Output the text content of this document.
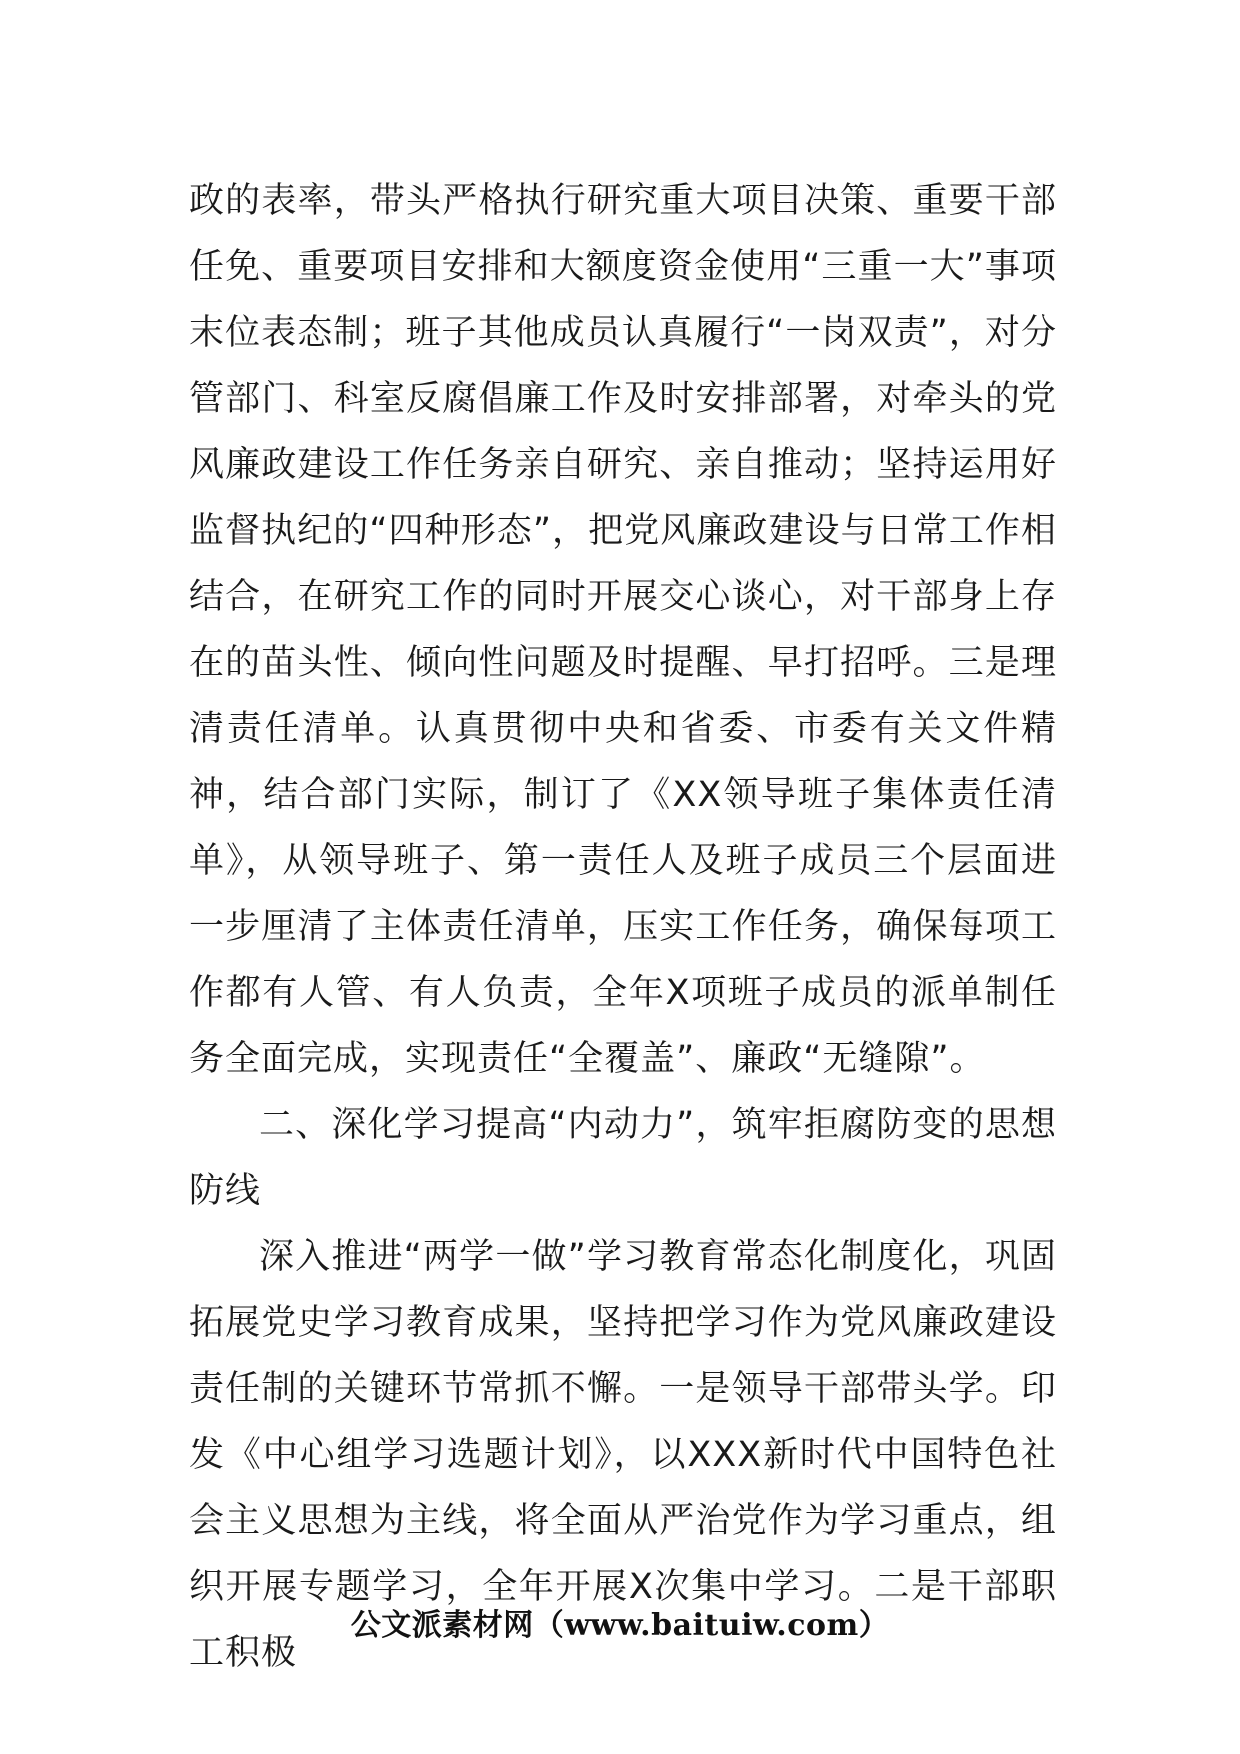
政的表率，带头严格执行研究重大项目决策、重要干部任免、重要项目安排和大额度资金使用“三重一大”事项末位表态制；班子其他成员认真履行“一岗双责”，对分管部门、科室反腐倡廉工作及时安排部署，对牵头的党风廉政建设工作任务亲自研究、亲自推动；坚持运用好监督执纪的“四种形态”，把党风廉政建设与日常工作相结合，在研究工作的同时开展交心谈心，对干部身上存在的苗头性、倾向性问题及时提醒、早打招呼。三是理清责任清单。认真贯彻中央和省委、市委有关文件精神，结合部门实际，制订了《XX领导班子集体责任清单》，从领导班子、第一责任人及班子成员三个层面进一步厘清了主体责任清单，压实工作任务，确保每项工作都有人管、有人负责，全年X项班子成员的派单制任务全面完成，实现责任“全覆盖”、廉政“无缝隙”。

二、深化学习提高“内动力”，筑牢拒腐防变的思想防线

深入推进“两学一做”学习教育常态化制度化，巩固拓展党史学习教育成果，坚持把学习作为党风廉政建设责任制的关键环节常抓不懈。一是领导干部带头学。印发《中心组学习选题计划》，以XXX新时代中国特色社会主义思想为主线，将全面从严治党作为学习重点，组织开展专题学习，全年开展X次集中学习。二是干部职工积极

公文派素材网（www.baituiw.com）
